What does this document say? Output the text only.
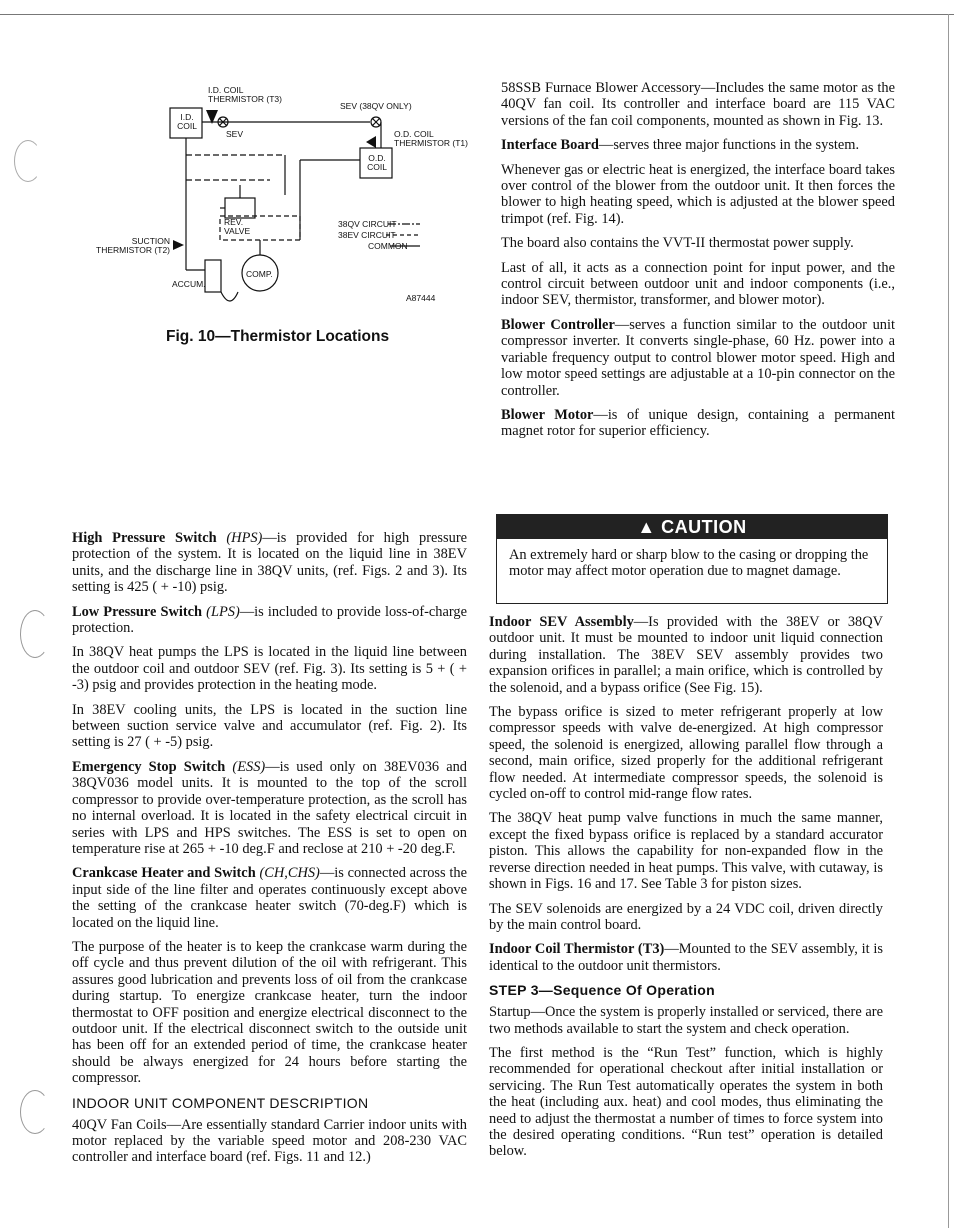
I.D. COIL THERMISTOR (T3)
I.D. COIL
SEV
SEV (38QV ONLY)
O.D. COIL THERMISTOR (T1)
O.D. COIL
REV. VALVE
SUCTION THERMISTOR (T2)
ACCUM.
COMP.
38QV CIRCUIT
38EV CIRCUIT
COMMON
A87444
Fig. 10—Thermistor Locations

High Pressure Switch (HPS)—is provided for high pressure protection of the system. It is located on the liquid line in 38EV units, and the discharge line in 38QV units, (ref. Figs. 2 and 3). Its setting is 425 ( + -10) psig.

Low Pressure Switch (LPS)—is included to provide loss-of-charge protection.

In 38QV heat pumps the LPS is located in the liquid line between the outdoor coil and outdoor SEV (ref. Fig. 3). Its setting is 5 + ( + -3) psig and provides protection in the heating mode.

In 38EV cooling units, the LPS is located in the suction line between suction service valve and accumulator (ref. Fig. 2). Its setting is 27 ( + -5) psig.

Emergency Stop Switch (ESS)—is used only on 38EV036 and 38QV036 model units. It is mounted to the top of the scroll compressor to provide over-temperature protection, as the scroll has no internal overload. It is located in the safety electrical circuit in series with LPS and HPS switches. The ESS is set to open on temperature rise at 265 + -10 deg.F and reclose at 210 + -20 deg.F.

Crankcase Heater and Switch (CH,CHS)—is connected across the input side of the line filter and operates continuously except above the setting of the crankcase heater switch (70-deg.F) which is located on the liquid line.

The purpose of the heater is to keep the crankcase warm during the off cycle and thus prevent dilution of the oil with refrigerant. This assures good lubrication and prevents loss of oil from the crankcase during startup. To energize crankcase heater, turn the indoor thermostat to OFF position and energize electrical disconnect to the outdoor unit. If the electrical disconnect switch to the outside unit has been off for an extended period of time, the crankcase heater should be always energized for 24 hours before starting the compressor.

INDOOR UNIT COMPONENT DESCRIPTION

40QV Fan Coils—Are essentially standard Carrier indoor units with motor replaced by the variable speed motor and 208-230 VAC controller and interface board (ref. Figs. 11 and 12.)

58SSB Furnace Blower Accessory—Includes the same motor as the 40QV fan coil. Its controller and interface board are 115 VAC versions of the fan coil components, mounted as shown in Fig. 13.

Interface Board—serves three major functions in the system.

Whenever gas or electric heat is energized, the interface board takes over control of the blower from the outdoor unit. It then forces the blower to high heating speed, which is adjusted at the blower speed trimpot (ref. Fig. 14).

The board also contains the VVT-II thermostat power supply.

Last of all, it acts as a connection point for input power, and the control circuit between outdoor unit and indoor components (i.e., indoor SEV, thermistor, transformer, and blower motor).

Blower Controller—serves a function similar to the outdoor unit compressor inverter. It converts single-phase, 60 Hz. power into a variable frequency output to control blower motor speed. High and low motor speed settings are adjustable at a 10-pin connector on the controller.

Blower Motor—is of unique design, containing a permanent magnet rotor for superior efficiency.

▲ CAUTION
An extremely hard or sharp blow to the casing or dropping the motor may affect motor operation due to magnet damage.

Indoor SEV Assembly—Is provided with the 38EV or 38QV outdoor unit. It must be mounted to indoor unit liquid connection during installation. The 38EV SEV assembly provides two expansion orifices in parallel; a main orifice, which is controlled by the solenoid, and a bypass orifice (See Fig. 15).

The bypass orifice is sized to meter refrigerant properly at low compressor speeds with valve de-energized. At high compressor speed, the solenoid is energized, allowing parallel flow through a second, main orifice, sized properly for the additional refrigerant flow needed. At intermediate compressor speeds, the solenoid is cycled on-off to control mid-range flow rates.

The 38QV heat pump valve functions in much the same manner, except the fixed bypass orifice is replaced by a standard accurator piston. This allows the capability for non-expanded flow in the reverse direction needed in heat pumps. This valve, with cutaway, is shown in Figs. 16 and 17. See Table 3 for piston sizes.

The SEV solenoids are energized by a 24 VDC coil, driven directly by the main control board.

Indoor Coil Thermistor (T3)—Mounted to the SEV assembly, it is identical to the outdoor unit thermistors.

STEP 3—Sequence Of Operation

Startup—Once the system is properly installed or serviced, there are two methods available to start the system and check operation.

The first method is the “Run Test” function, which is highly recommended for operational checkout after initial installation or servicing. The Run Test automatically operates the system in both the heat (including aux. heat) and cool modes, thus eliminating the need to adjust the thermostat a number of times to force system into the desired operating conditions. “Run test” operation is detailed below.
